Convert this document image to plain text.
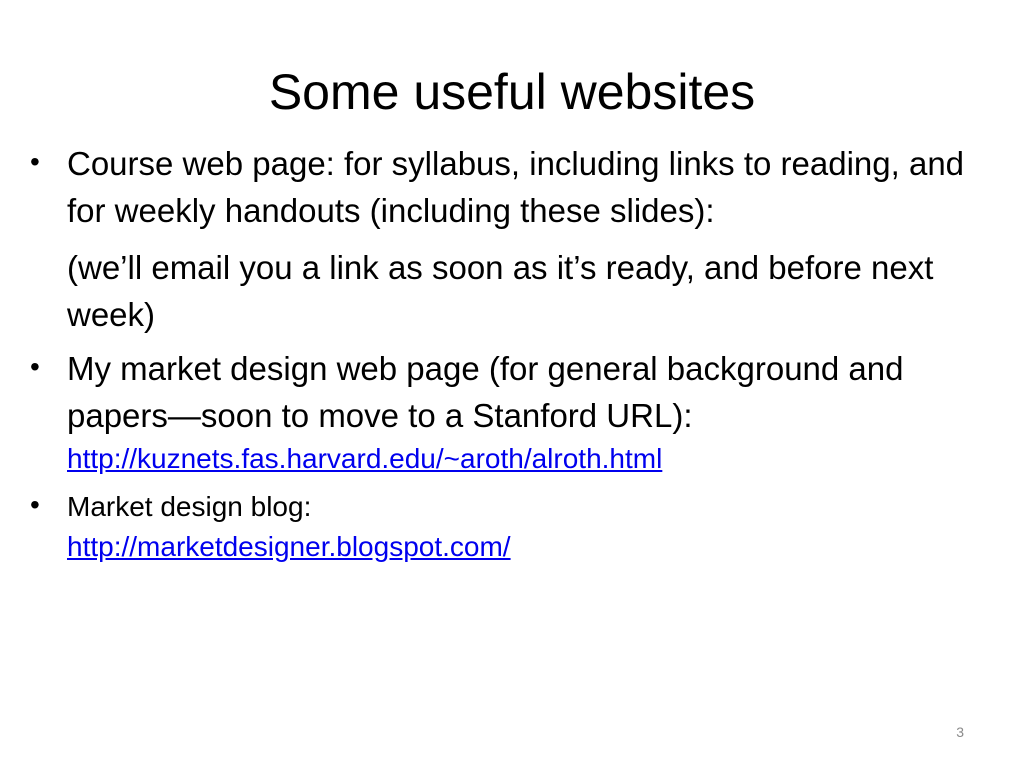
Some useful websites
• Course web page: for syllabus, including links to reading, and for weekly handouts (including these slides):
(we’ll email you a link as soon as it’s ready, and before next week)
• My market design web page (for general background and papers—soon to move to a Stanford URL):
http://kuznets.fas.harvard.edu/~aroth/alroth.html
• Market design blog:
http://marketdesigner.blogspot.com/
3
